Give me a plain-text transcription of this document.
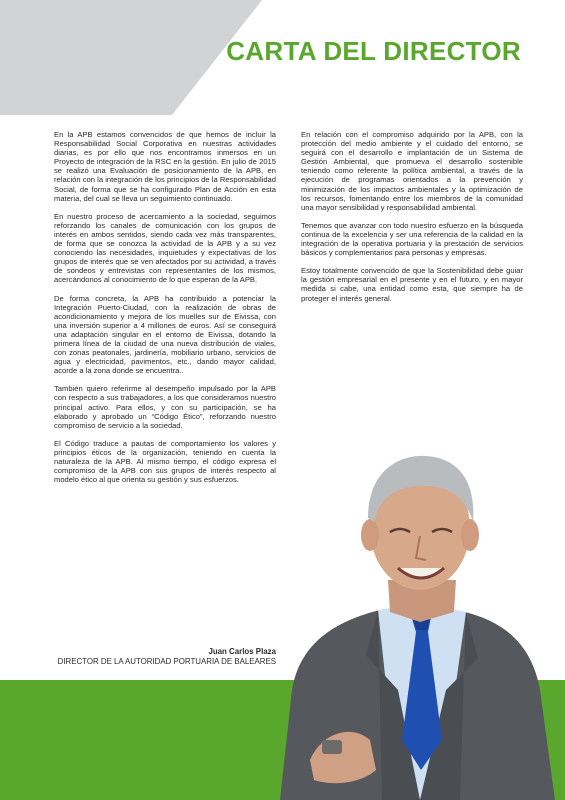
CARTA DEL DIRECTOR

En la APB estamos convencidos de que hemos de incluir la Responsabilidad Social Corporativa en nuestras actividades diarias, es por ello que nos encontramos inmersos en un Proyecto de integración de la RSC en la gestión. En julio de 2015 se realizó una Evaluación de posicionamiento de la APB, en relación con la integración de los principios de la Responsabilidad Social, de forma que se ha configurado Plan de Acción en esta materia, del cual se lleva un seguimiento continuado.

En nuestro proceso de acercamiento a la sociedad, seguimos reforzando los canales de comunicación con los grupos de interés en ambos sentidos, siendo cada vez más transparentes, de forma que se conozca la actividad de la APB y a su vez conociendo las necesidades, inquietudes y expectativas de los grupos de interés que se ven afectados por su actividad, a través de sondeos y entrevistas con representantes de los mismos, acercándonos al conocimiento de lo que esperan de la APB.

De forma concreta, la APB ha contribuido a potenciar la Integración Puerto-Ciudad, con la realización de obras de acondicionamiento y mejora de los muelles sur de Eivissa, con una inversión superior a 4 millones de euros. Así se conseguirá una adaptación singular en el entorno de Eivissa, dotando la primera línea de la ciudad de una nueva distribución de viales, con zonas peatonales, jardinería, mobiliario urbano, servicios de agua y electricidad, pavimentos, etc., dando mayor calidad, acorde a la zona donde se encuentra..

También quiero referirme al desempeño impulsado por la APB con respecto a sus trabajadores, a los que consideramos nuestro principal activo. Para ellos, y con su participación, se ha elaborado y aprobado un “Código Ético”, reforzando nuestro compromiso de servicio a la sociedad.

El Código traduce a pautas de comportamiento los valores y principios éticos de la organización, teniendo en cuenta la naturaleza de la APB. Al mismo tiempo, el código expresa el compromiso de la APB con sus grupos de interés respecto al modelo ético al que orienta su gestión y sus esfuerzos.

En relación con el compromiso adquirido por la APB, con la protección del medio ambiente y el cuidado del entorno, se seguirá con el desarrollo e implantación de un Sistema de Gestión Ambiental, que promueva el desarrollo sostenible teniendo como referente la política ambiental, a través de la ejecución de programas orientados a la prevención y minimización de los impactos ambientales y la optimización de los recursos, fomentando entre los miembros de la comunidad una mayor sensibilidad y responsabilidad ambiental.

Tenemos que avanzar con todo nuestro esfuerzo en la búsqueda continua de la excelencia y ser una referencia de la calidad en la integración de la operativa portuaria y la prestación de servicios básicos y complementarios para personas y empresas.

Estoy totalmente convencido de que la Sostenibilidad debe guiar la gestión empresarial en el presente y en el futuro, y en mayor medida si cabe, una entidad como esta, que siempre ha de proteger el interés general.

Juan Carlos Plaza
DIRECTOR DE LA AUTORIDAD PORTUARIA DE BALEARES
